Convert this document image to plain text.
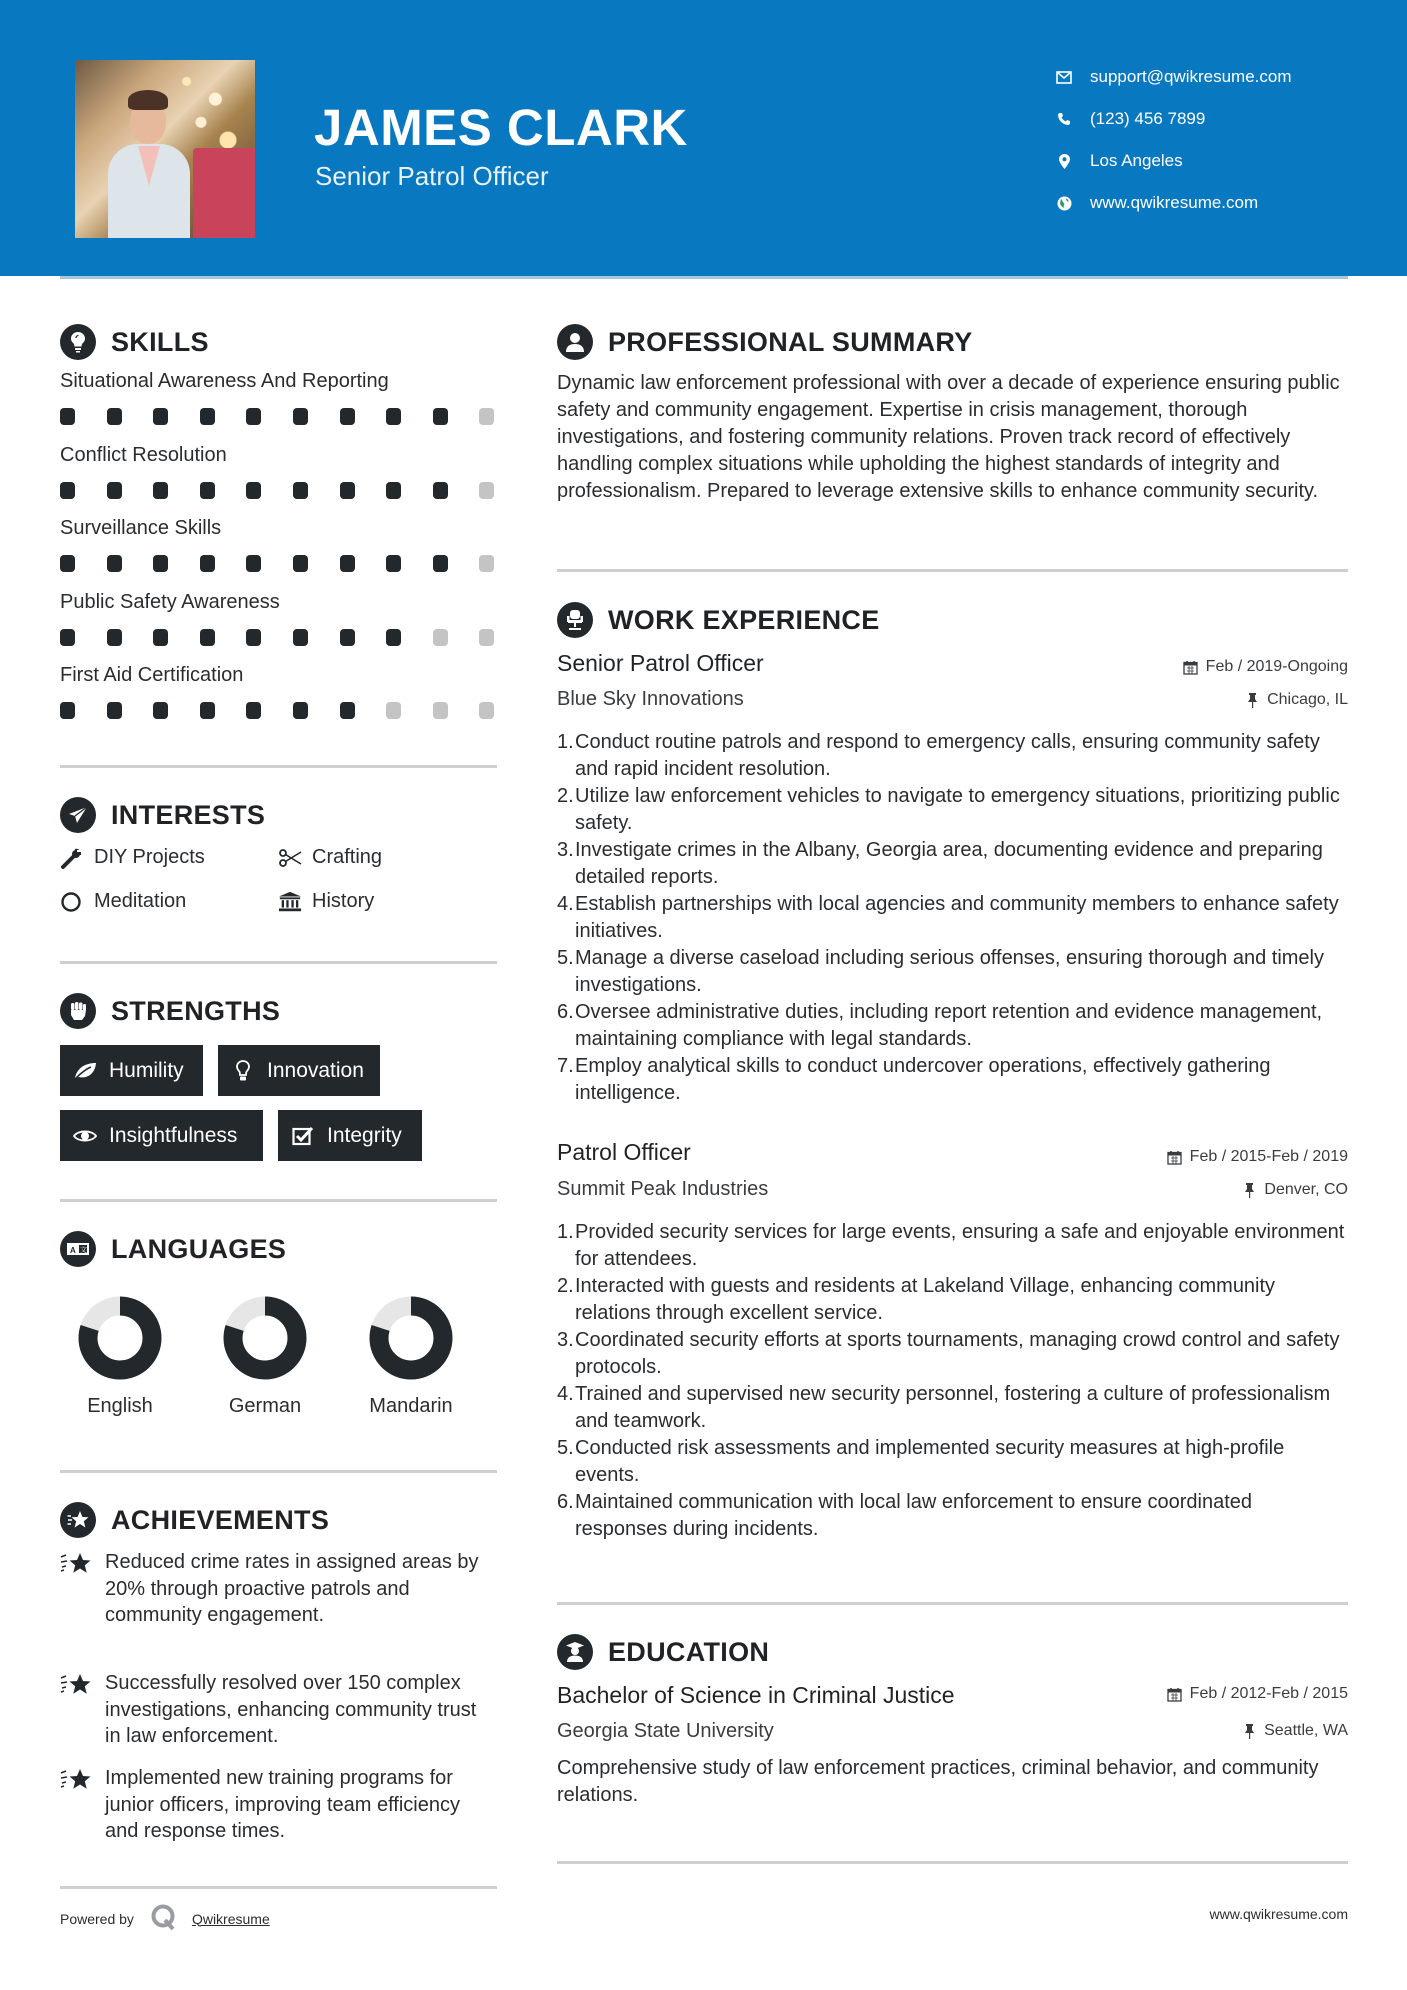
JAMES CLARK
Senior Patrol Officer
support@qwikresume.com
(123) 456 7899
Los Angeles
www.qwikresume.com
SKILLS
Situational Awareness And Reporting
Conflict Resolution
Surveillance Skills
Public Safety Awareness
First Aid Certification
INTERESTS
DIY Projects	Crafting
Meditation	History
STRENGTHS
Humility	Innovation
Insightfulness	Integrity
A 文 LANGUAGES
English	German	Mandarin
ACHIEVEMENTS
Reduced crime rates in assigned areas by 20% through proactive patrols and community engagement.
Successfully resolved over 150 complex investigations, enhancing community trust in law enforcement.
Implemented new training programs for junior officers, improving team efficiency and response times.
Powered by	Qwikresume	www.qwikresume.com
PROFESSIONAL SUMMARY
Dynamic law enforcement professional with over a decade of experience ensuring public safety and community engagement. Expertise in crisis management, thorough investigations, and fostering community relations. Proven track record of effectively handling complex situations while upholding the highest standards of integrity and professionalism. Prepared to leverage extensive skills to enhance community security.
WORK EXPERIENCE
Senior Patrol Officer	Feb / 2019-Ongoing
Blue Sky Innovations	Chicago, IL
1. Conduct routine patrols and respond to emergency calls, ensuring community safety and rapid incident resolution.
2. Utilize law enforcement vehicles to navigate to emergency situations, prioritizing public safety.
3. Investigate crimes in the Albany, Georgia area, documenting evidence and preparing detailed reports.
4. Establish partnerships with local agencies and community members to enhance safety initiatives.
5. Manage a diverse caseload including serious offenses, ensuring thorough and timely investigations.
6. Oversee administrative duties, including report retention and evidence management, maintaining compliance with legal standards.
7. Employ analytical skills to conduct undercover operations, effectively gathering intelligence.
Patrol Officer	Feb / 2015-Feb / 2019
Summit Peak Industries	Denver, CO
1. Provided security services for large events, ensuring a safe and enjoyable environment for attendees.
2. Interacted with guests and residents at Lakeland Village, enhancing community relations through excellent service.
3. Coordinated security efforts at sports tournaments, managing crowd control and safety protocols.
4. Trained and supervised new security personnel, fostering a culture of professionalism and teamwork.
5. Conducted risk assessments and implemented security measures at high-profile events.
6. Maintained communication with local law enforcement to ensure coordinated responses during incidents.
EDUCATION
Bachelor of Science in Criminal Justice	Feb / 2012-Feb / 2015
Georgia State University	Seattle, WA
Comprehensive study of law enforcement practices, criminal behavior, and community relations.
